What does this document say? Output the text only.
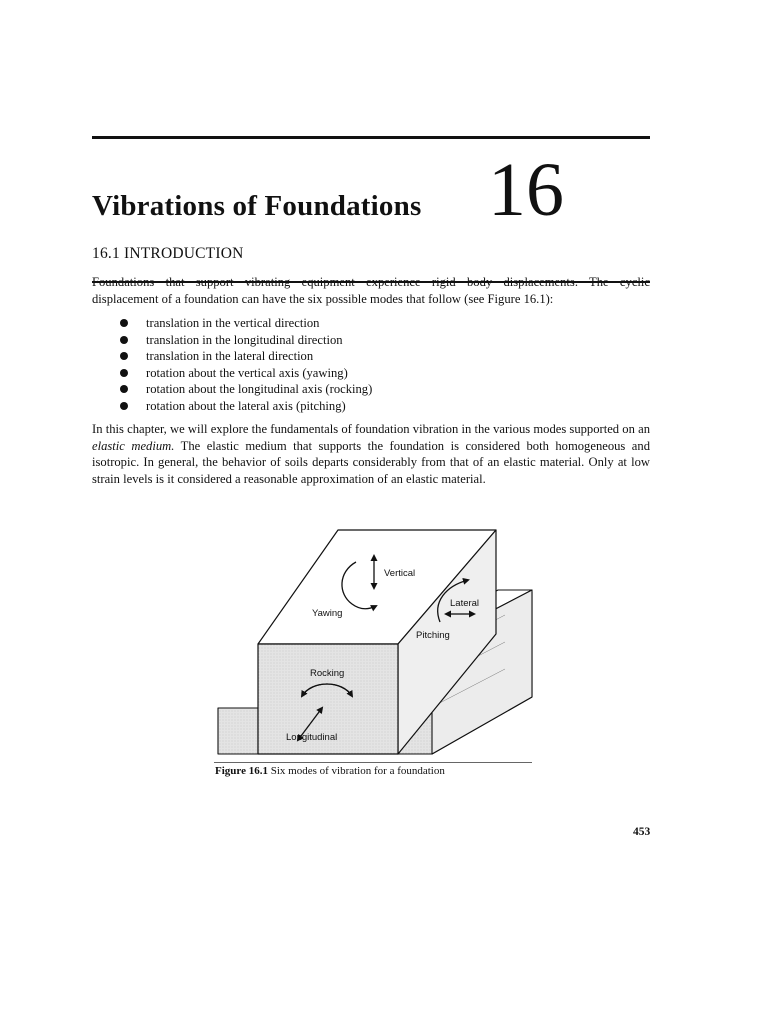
Vibrations of Foundations 16
16.1 INTRODUCTION
Foundations that support vibrating equipment experience rigid body displacements. The cyclic
displacement of a foundation can have the six possible modes that follow (see Figure 16.1):
translation in the vertical direction
translation in the longitudinal direction
translation in the lateral direction
rotation about the vertical axis (yawing)
rotation about the longitudinal axis (rocking)
rotation about the lateral axis (pitching)
In this chapter, we will explore the fundamentals of foundation vibration in the various modes supported on an elastic medium. The elastic medium that supports the foundation is considered both homogeneous and isotropic. In general, the behavior of soils departs considerably from that of an elastic material. Only at low strain levels is it considered a reasonable approximation of an elastic material.
Vertical
Yawing
Lateral
Pitching
Rocking
Longitudinal
Figure 16.1 Six modes of vibration for a foundation
453
